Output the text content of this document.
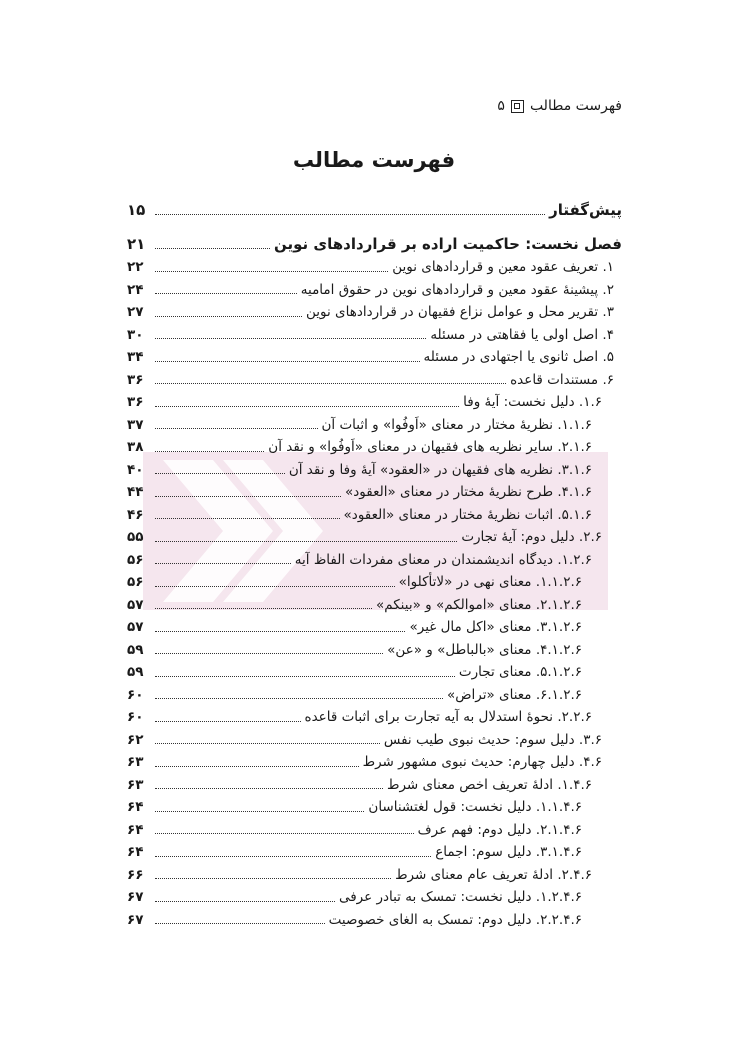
فهرست مطالب
۵
فهرست مطالب
پیش‌گفتار
۱۵
فصل نخست: حاکمیت اراده بر قراردادهای نوین
۲۱
۱. تعریف عقود معین و قراردادهای نوین
۲۲
۲. پیشینهٔ عقود معین و قراردادهای نوین در حقوق امامیه
۲۴
۳. تقریر محل و عوامل نزاع فقیهان در قراردادهای نوین
۲۷
۴. اصل اولی یا فقاهتی در مسئله
۳۰
۵. اصل ثانوی یا اجتهادی در مسئله
۳۴
۶. مستندات قاعده
۳۶
۱.۶. دلیل نخست: آیهٔ وفا
۳۶
۱.۱.۶. نظریهٔ مختار در معنای «اَوفُوا» و اثبات آن
۳۷
۲.۱.۶. سایر نظریه های فقیهان در معنای «اَوفُوا» و نقد آن
۳۸
۳.۱.۶. نظریه های فقیهان در «العقود» آیهٔ وفا و نقد آن
۴۰
۴.۱.۶. طرح نظریهٔ مختار در معنای «العقود»
۴۴
۵.۱.۶. اثبات نظریهٔ مختار در معنای «العقود»
۴۶
۲.۶. دلیل دوم: آیهٔ تجارت
۵۵
۱.۲.۶. دیدگاه اندیشمندان در معنای مفردات الفاظ آیه
۵۶
۱.۱.۲.۶. معنای نهی در «لاتأکلوا»
۵۶
۲.۱.۲.۶. معنای «اموالکم» و «بینکم»
۵۷
۳.۱.۲.۶. معنای «اکل مال غیر»
۵۷
۴.۱.۲.۶. معنای «بالباطل» و «عن»
۵۹
۵.۱.۲.۶. معنای تجارت
۵۹
۶.۱.۲.۶. معنای «تراض»
۶۰
۲.۲.۶. نحوهٔ استدلال به آیه تجارت برای اثبات قاعده
۶۰
۳.۶. دلیل سوم: حدیث نبوی طیب نفس
۶۲
۴.۶. دلیل چهارم: حدیث نبوی مشهور شرط
۶۳
۱.۴.۶. ادلهٔ تعریف اخص معنای شرط
۶۳
۱.۱.۴.۶. دلیل نخست: قول لغتشناسان
۶۴
۲.۱.۴.۶. دلیل دوم: فهم عرف
۶۴
۳.۱.۴.۶. دلیل سوم: اجماع
۶۴
۲.۴.۶. ادلهٔ تعریف عام معنای شرط
۶۶
۱.۲.۴.۶. دلیل نخست: تمسک به تبادر عرفی
۶۷
۲.۲.۴.۶. دلیل دوم: تمسک به الغای خصوصیت
۶۷
